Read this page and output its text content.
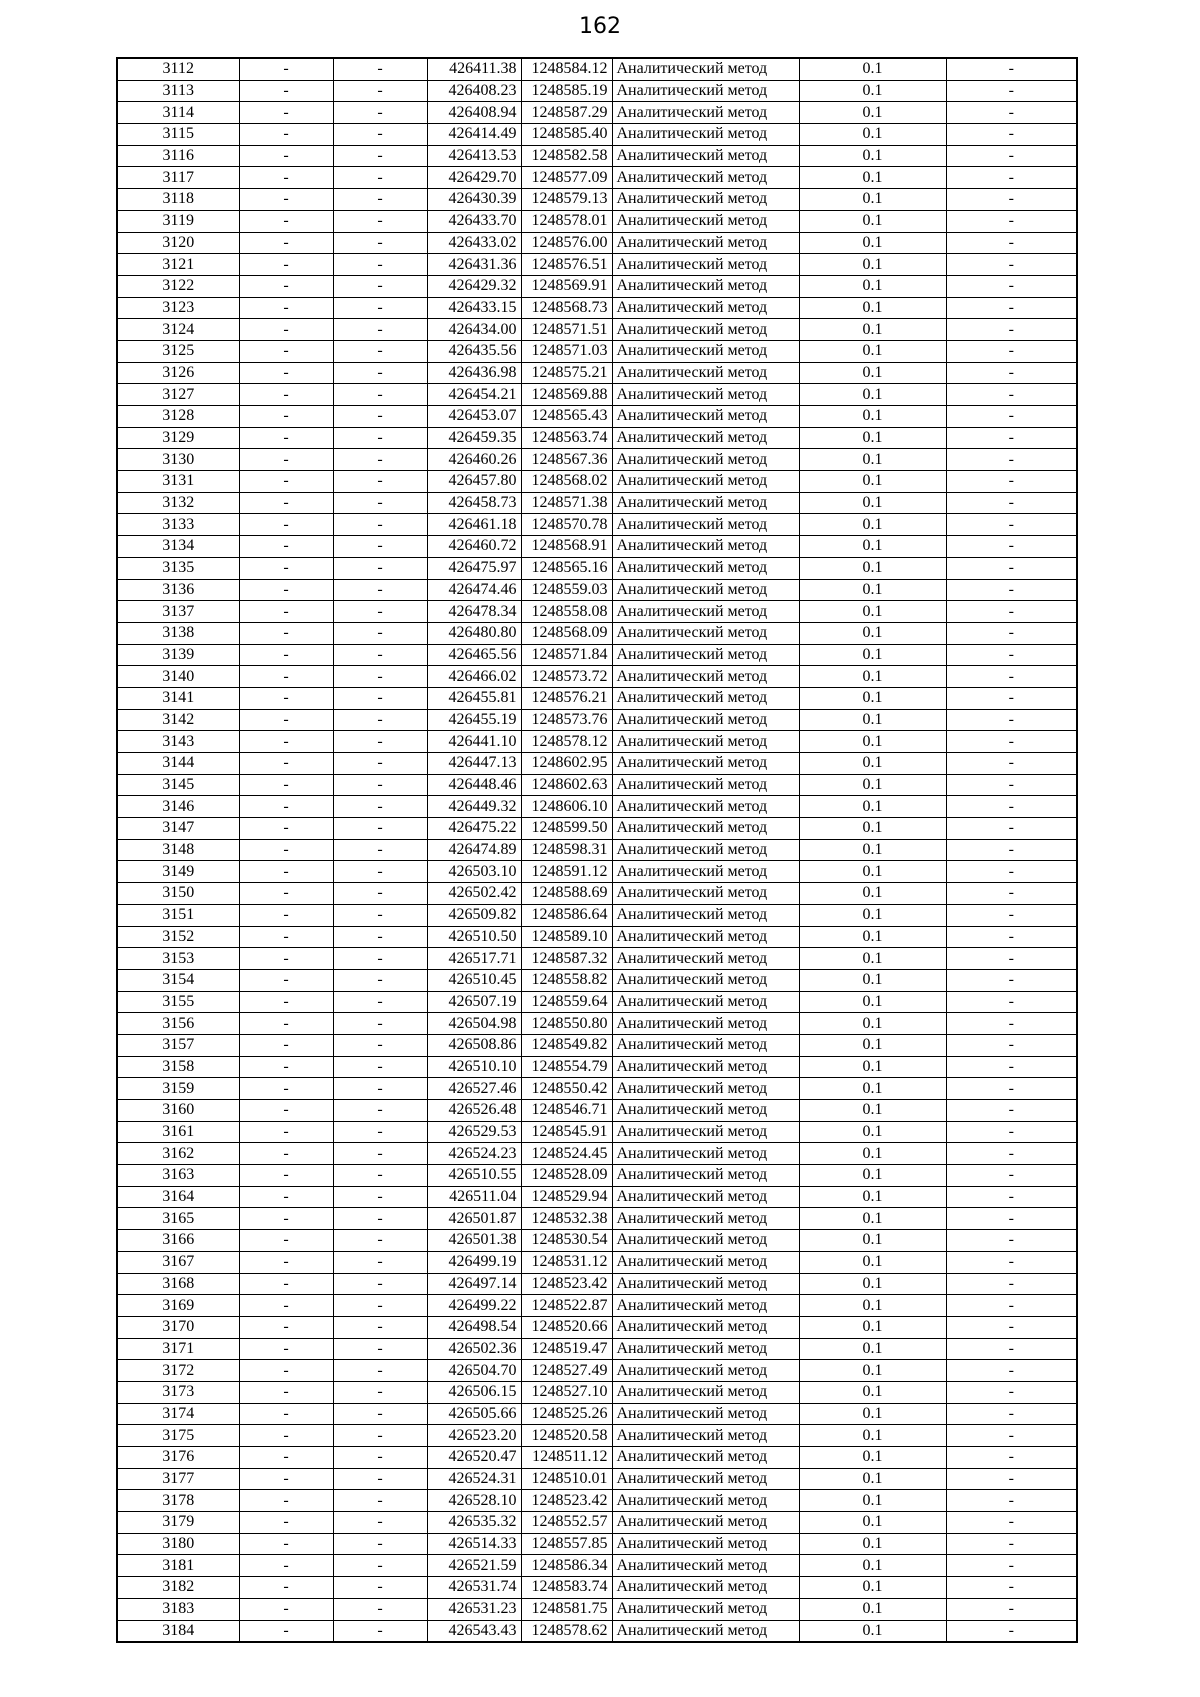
162
3112	-	-	426411.38	1248584.12	Аналитический метод	0.1	-
3113	-	-	426408.23	1248585.19	Аналитический метод	0.1	-
3114	-	-	426408.94	1248587.29	Аналитический метод	0.1	-
3115	-	-	426414.49	1248585.40	Аналитический метод	0.1	-
3116	-	-	426413.53	1248582.58	Аналитический метод	0.1	-
3117	-	-	426429.70	1248577.09	Аналитический метод	0.1	-
3118	-	-	426430.39	1248579.13	Аналитический метод	0.1	-
3119	-	-	426433.70	1248578.01	Аналитический метод	0.1	-
3120	-	-	426433.02	1248576.00	Аналитический метод	0.1	-
3121	-	-	426431.36	1248576.51	Аналитический метод	0.1	-
3122	-	-	426429.32	1248569.91	Аналитический метод	0.1	-
3123	-	-	426433.15	1248568.73	Аналитический метод	0.1	-
3124	-	-	426434.00	1248571.51	Аналитический метод	0.1	-
3125	-	-	426435.56	1248571.03	Аналитический метод	0.1	-
3126	-	-	426436.98	1248575.21	Аналитический метод	0.1	-
3127	-	-	426454.21	1248569.88	Аналитический метод	0.1	-
3128	-	-	426453.07	1248565.43	Аналитический метод	0.1	-
3129	-	-	426459.35	1248563.74	Аналитический метод	0.1	-
3130	-	-	426460.26	1248567.36	Аналитический метод	0.1	-
3131	-	-	426457.80	1248568.02	Аналитический метод	0.1	-
3132	-	-	426458.73	1248571.38	Аналитический метод	0.1	-
3133	-	-	426461.18	1248570.78	Аналитический метод	0.1	-
3134	-	-	426460.72	1248568.91	Аналитический метод	0.1	-
3135	-	-	426475.97	1248565.16	Аналитический метод	0.1	-
3136	-	-	426474.46	1248559.03	Аналитический метод	0.1	-
3137	-	-	426478.34	1248558.08	Аналитический метод	0.1	-
3138	-	-	426480.80	1248568.09	Аналитический метод	0.1	-
3139	-	-	426465.56	1248571.84	Аналитический метод	0.1	-
3140	-	-	426466.02	1248573.72	Аналитический метод	0.1	-
3141	-	-	426455.81	1248576.21	Аналитический метод	0.1	-
3142	-	-	426455.19	1248573.76	Аналитический метод	0.1	-
3143	-	-	426441.10	1248578.12	Аналитический метод	0.1	-
3144	-	-	426447.13	1248602.95	Аналитический метод	0.1	-
3145	-	-	426448.46	1248602.63	Аналитический метод	0.1	-
3146	-	-	426449.32	1248606.10	Аналитический метод	0.1	-
3147	-	-	426475.22	1248599.50	Аналитический метод	0.1	-
3148	-	-	426474.89	1248598.31	Аналитический метод	0.1	-
3149	-	-	426503.10	1248591.12	Аналитический метод	0.1	-
3150	-	-	426502.42	1248588.69	Аналитический метод	0.1	-
3151	-	-	426509.82	1248586.64	Аналитический метод	0.1	-
3152	-	-	426510.50	1248589.10	Аналитический метод	0.1	-
3153	-	-	426517.71	1248587.32	Аналитический метод	0.1	-
3154	-	-	426510.45	1248558.82	Аналитический метод	0.1	-
3155	-	-	426507.19	1248559.64	Аналитический метод	0.1	-
3156	-	-	426504.98	1248550.80	Аналитический метод	0.1	-
3157	-	-	426508.86	1248549.82	Аналитический метод	0.1	-
3158	-	-	426510.10	1248554.79	Аналитический метод	0.1	-
3159	-	-	426527.46	1248550.42	Аналитический метод	0.1	-
3160	-	-	426526.48	1248546.71	Аналитический метод	0.1	-
3161	-	-	426529.53	1248545.91	Аналитический метод	0.1	-
3162	-	-	426524.23	1248524.45	Аналитический метод	0.1	-
3163	-	-	426510.55	1248528.09	Аналитический метод	0.1	-
3164	-	-	426511.04	1248529.94	Аналитический метод	0.1	-
3165	-	-	426501.87	1248532.38	Аналитический метод	0.1	-
3166	-	-	426501.38	1248530.54	Аналитический метод	0.1	-
3167	-	-	426499.19	1248531.12	Аналитический метод	0.1	-
3168	-	-	426497.14	1248523.42	Аналитический метод	0.1	-
3169	-	-	426499.22	1248522.87	Аналитический метод	0.1	-
3170	-	-	426498.54	1248520.66	Аналитический метод	0.1	-
3171	-	-	426502.36	1248519.47	Аналитический метод	0.1	-
3172	-	-	426504.70	1248527.49	Аналитический метод	0.1	-
3173	-	-	426506.15	1248527.10	Аналитический метод	0.1	-
3174	-	-	426505.66	1248525.26	Аналитический метод	0.1	-
3175	-	-	426523.20	1248520.58	Аналитический метод	0.1	-
3176	-	-	426520.47	1248511.12	Аналитический метод	0.1	-
3177	-	-	426524.31	1248510.01	Аналитический метод	0.1	-
3178	-	-	426528.10	1248523.42	Аналитический метод	0.1	-
3179	-	-	426535.32	1248552.57	Аналитический метод	0.1	-
3180	-	-	426514.33	1248557.85	Аналитический метод	0.1	-
3181	-	-	426521.59	1248586.34	Аналитический метод	0.1	-
3182	-	-	426531.74	1248583.74	Аналитический метод	0.1	-
3183	-	-	426531.23	1248581.75	Аналитический метод	0.1	-
3184	-	-	426543.43	1248578.62	Аналитический метод	0.1	-
